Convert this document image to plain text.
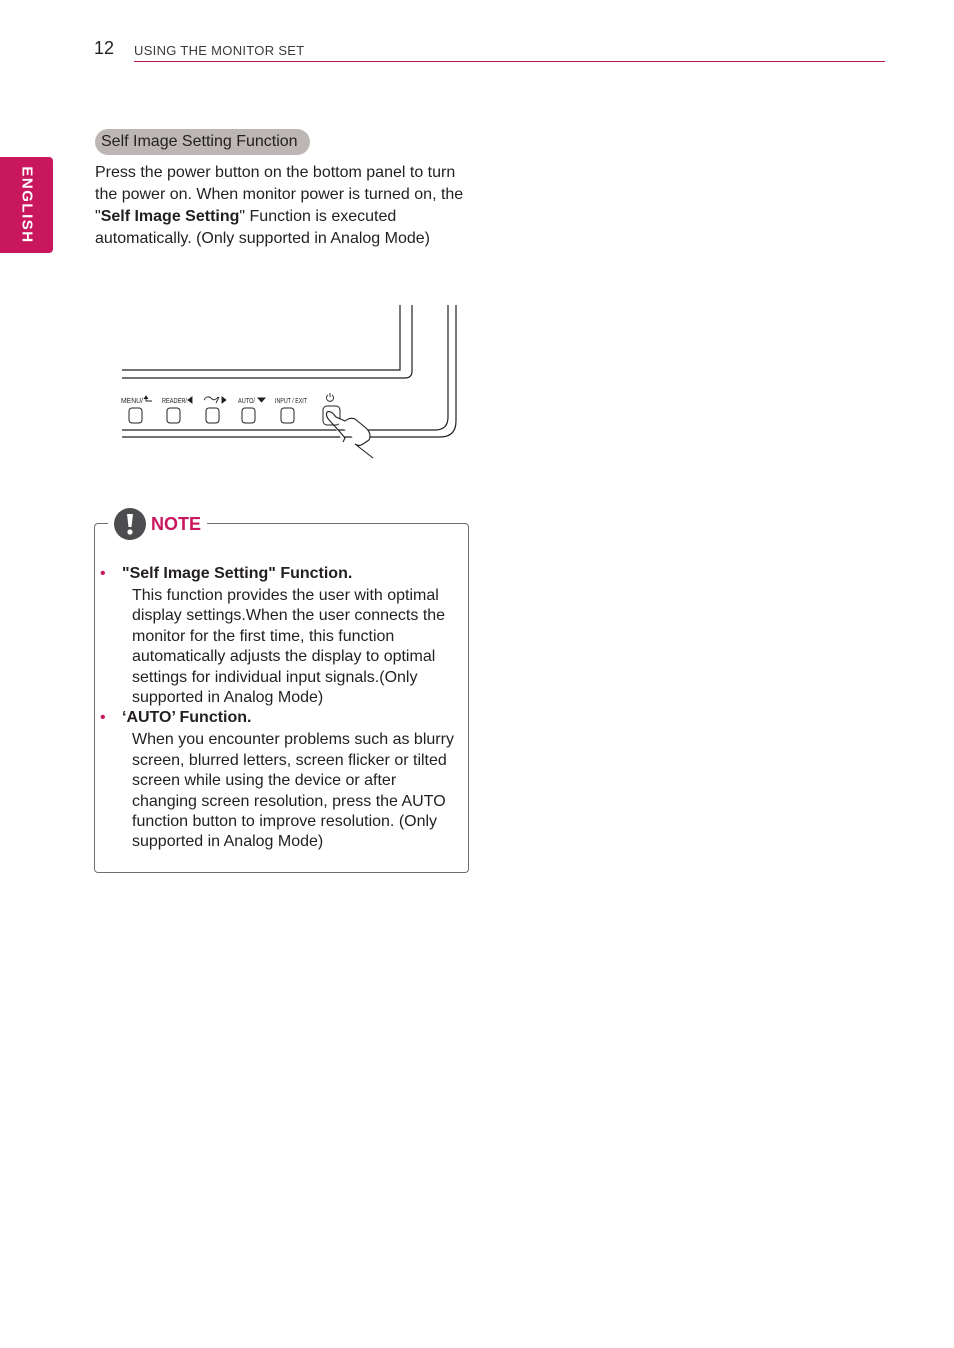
12 USING THE MONITOR SET
ENGLISH
Self Image Setting Function

Press the power button on the bottom panel to turn the power on. When monitor power is turned on, the "Self Image Setting" Function is executed automatically. (Only supported in Analog Mode)

MENU/ READER/	AUTO/	INPUT / EXIT
NOTE
• "Self Image Setting" Function.

This function provides the user with optimal display settings.When the user connects the monitor for the first time, this function automatically adjusts the display to optimal settings for individual input signals.(Only supported in Analog Mode)

• ‘AUTO’ Function.

When you encounter problems such as blurry screen, blurred letters, screen flicker or tilted screen while using the device or after changing screen resolution, press the AUTO function button to improve resolution. (Only supported in Analog Mode)
